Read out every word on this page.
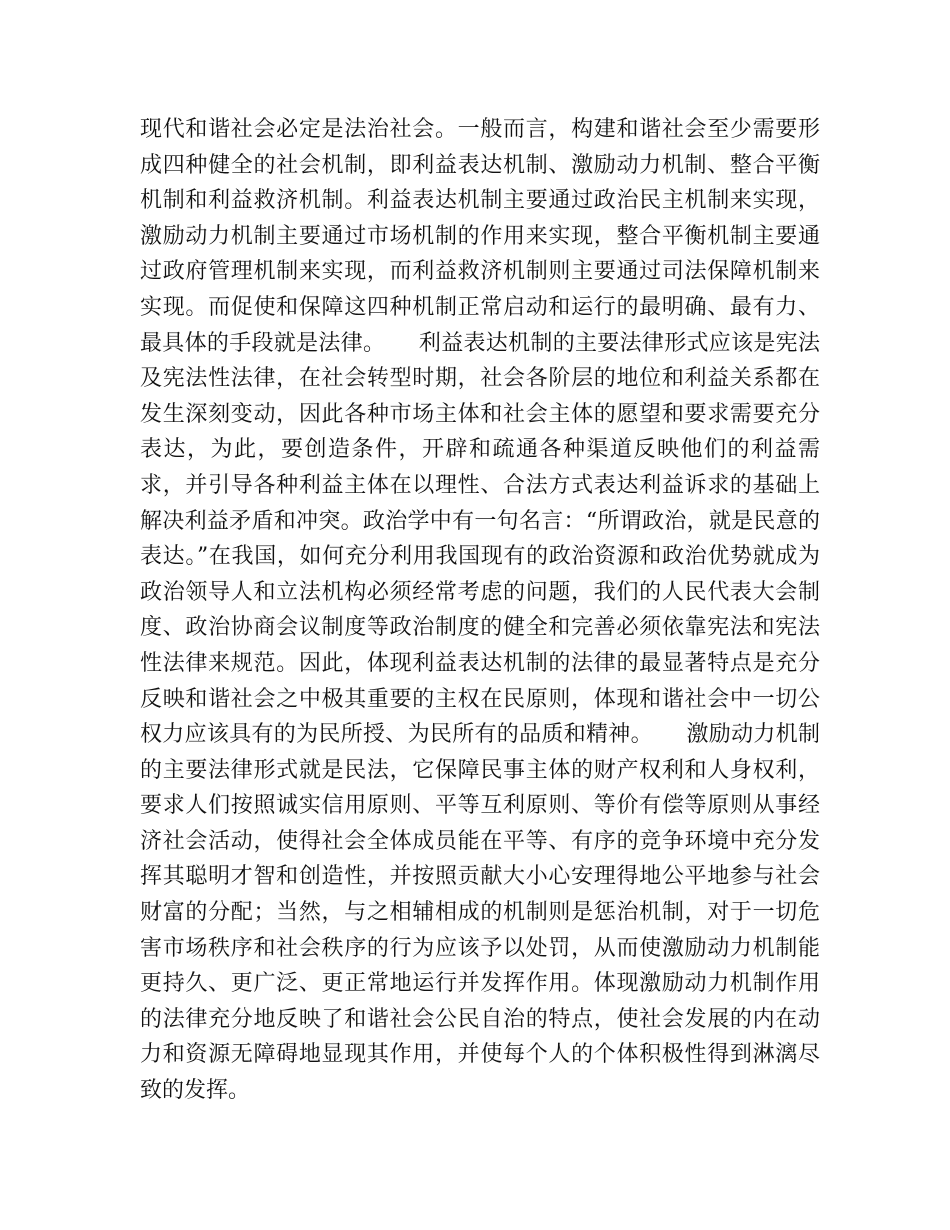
现代和谐社会必定是法治社会。一般而言，构建和谐社会至少需要形成四种健全的社会机制，即利益表达机制、激励动力机制、整合平衡机制和利益救济机制。利益表达机制主要通过政治民主机制来实现，激励动力机制主要通过市场机制的作用来实现，整合平衡机制主要通过政府管理机制来实现，而利益救济机制则主要通过司法保障机制来实现。而促使和保障这四种机制正常启动和运行的最明确、最有力、最具体的手段就是法律。　　利益表达机制的主要法律形式应该是宪法及宪法性法律，在社会转型时期，社会各阶层的地位和利益关系都在发生深刻变动，因此各种市场主体和社会主体的愿望和要求需要充分表达，为此，要创造条件，开辟和疏通各种渠道反映他们的利益需求，并引导各种利益主体在以理性、合法方式表达利益诉求的基础上解决利益矛盾和冲突。政治学中有一句名言：“所谓政治，就是民意的表达。”在我国，如何充分利用我国现有的政治资源和政治优势就成为政治领导人和立法机构必须经常考虑的问题，我们的人民代表大会制度、政治协商会议制度等政治制度的健全和完善必须依靠宪法和宪法性法律来规范。因此，体现利益表达机制的法律的最显著特点是充分反映和谐社会之中极其重要的主权在民原则，体现和谐社会中一切公权力应该具有的为民所授、为民所有的品质和精神。　　激励动力机制的主要法律形式就是民法，它保障民事主体的财产权利和人身权利，要求人们按照诚实信用原则、平等互利原则、等价有偿等原则从事经济社会活动，使得社会全体成员能在平等、有序的竞争环境中充分发挥其聪明才智和创造性，并按照贡献大小心安理得地公平地参与社会财富的分配；当然，与之相辅相成的机制则是惩治机制，对于一切危害市场秩序和社会秩序的行为应该予以处罚，从而使激励动力机制能更持久、更广泛、更正常地运行并发挥作用。体现激励动力机制作用的法律充分地反映了和谐社会公民自治的特点，使社会发展的内在动力和资源无障碍地显现其作用，并使每个人的个体积极性得到淋漓尽致的发挥。
